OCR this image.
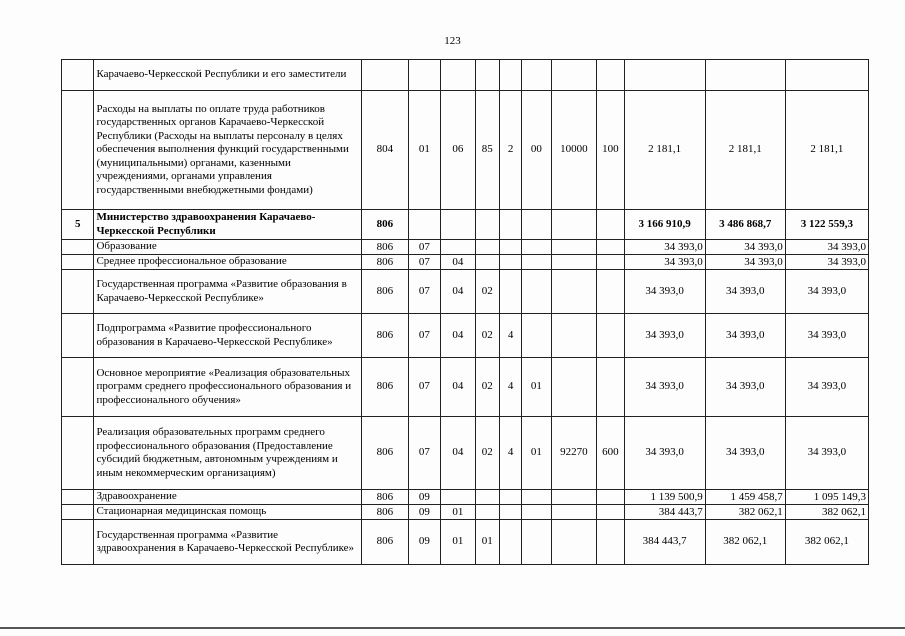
123
	Карачаево-Черкесской Республики и его заместители											
	Расходы на выплаты по оплате труда работников государственных органов Карачаево-Черкесской Республики (Расходы на выплаты персоналу в целях обеспечения выполнения функций государственными (муниципальными) органами, казенными учреждениями, органами управления государственными внебюджетными фондами)	804	01	06	85	2	00	10000	100	2 181,1	2 181,1	2 181,1
5	Министерство здравоохранения Карачаево-Черкесской Республики	806								3 166 910,9	3 486 868,7	3 122 559,3
	Образование	806	07							34 393,0	34 393,0	34 393,0
	Среднее профессиональное образование	806	07	04						34 393,0	34 393,0	34 393,0
	Государственная программа «Развитие образования в Карачаево-Черкесской Республике»	806	07	04	02					34 393,0	34 393,0	34 393,0
	Подпрограмма «Развитие профессионального образования в Карачаево-Черкесской Республике»	806	07	04	02	4				34 393,0	34 393,0	34 393,0
	Основное мероприятие «Реализация образовательных программ среднего профессионального образования и профессионального обучения»	806	07	04	02	4	01			34 393,0	34 393,0	34 393,0
	Реализация образовательных программ среднего профессионального образования (Предоставление субсидий бюджетным, автономным учреждениям и иным некоммерческим организациям)	806	07	04	02	4	01	92270	600	34 393,0	34 393,0	34 393,0
	Здравоохранение	806	09							1 139 500,9	1 459 458,7	1 095 149,3
	Стационарная медицинская помощь	806	09	01						384 443,7	382 062,1	382 062,1
	Государственная программа «Развитие здравоохранения в Карачаево-Черкесской Республике»	806	09	01	01					384 443,7	382 062,1	382 062,1
